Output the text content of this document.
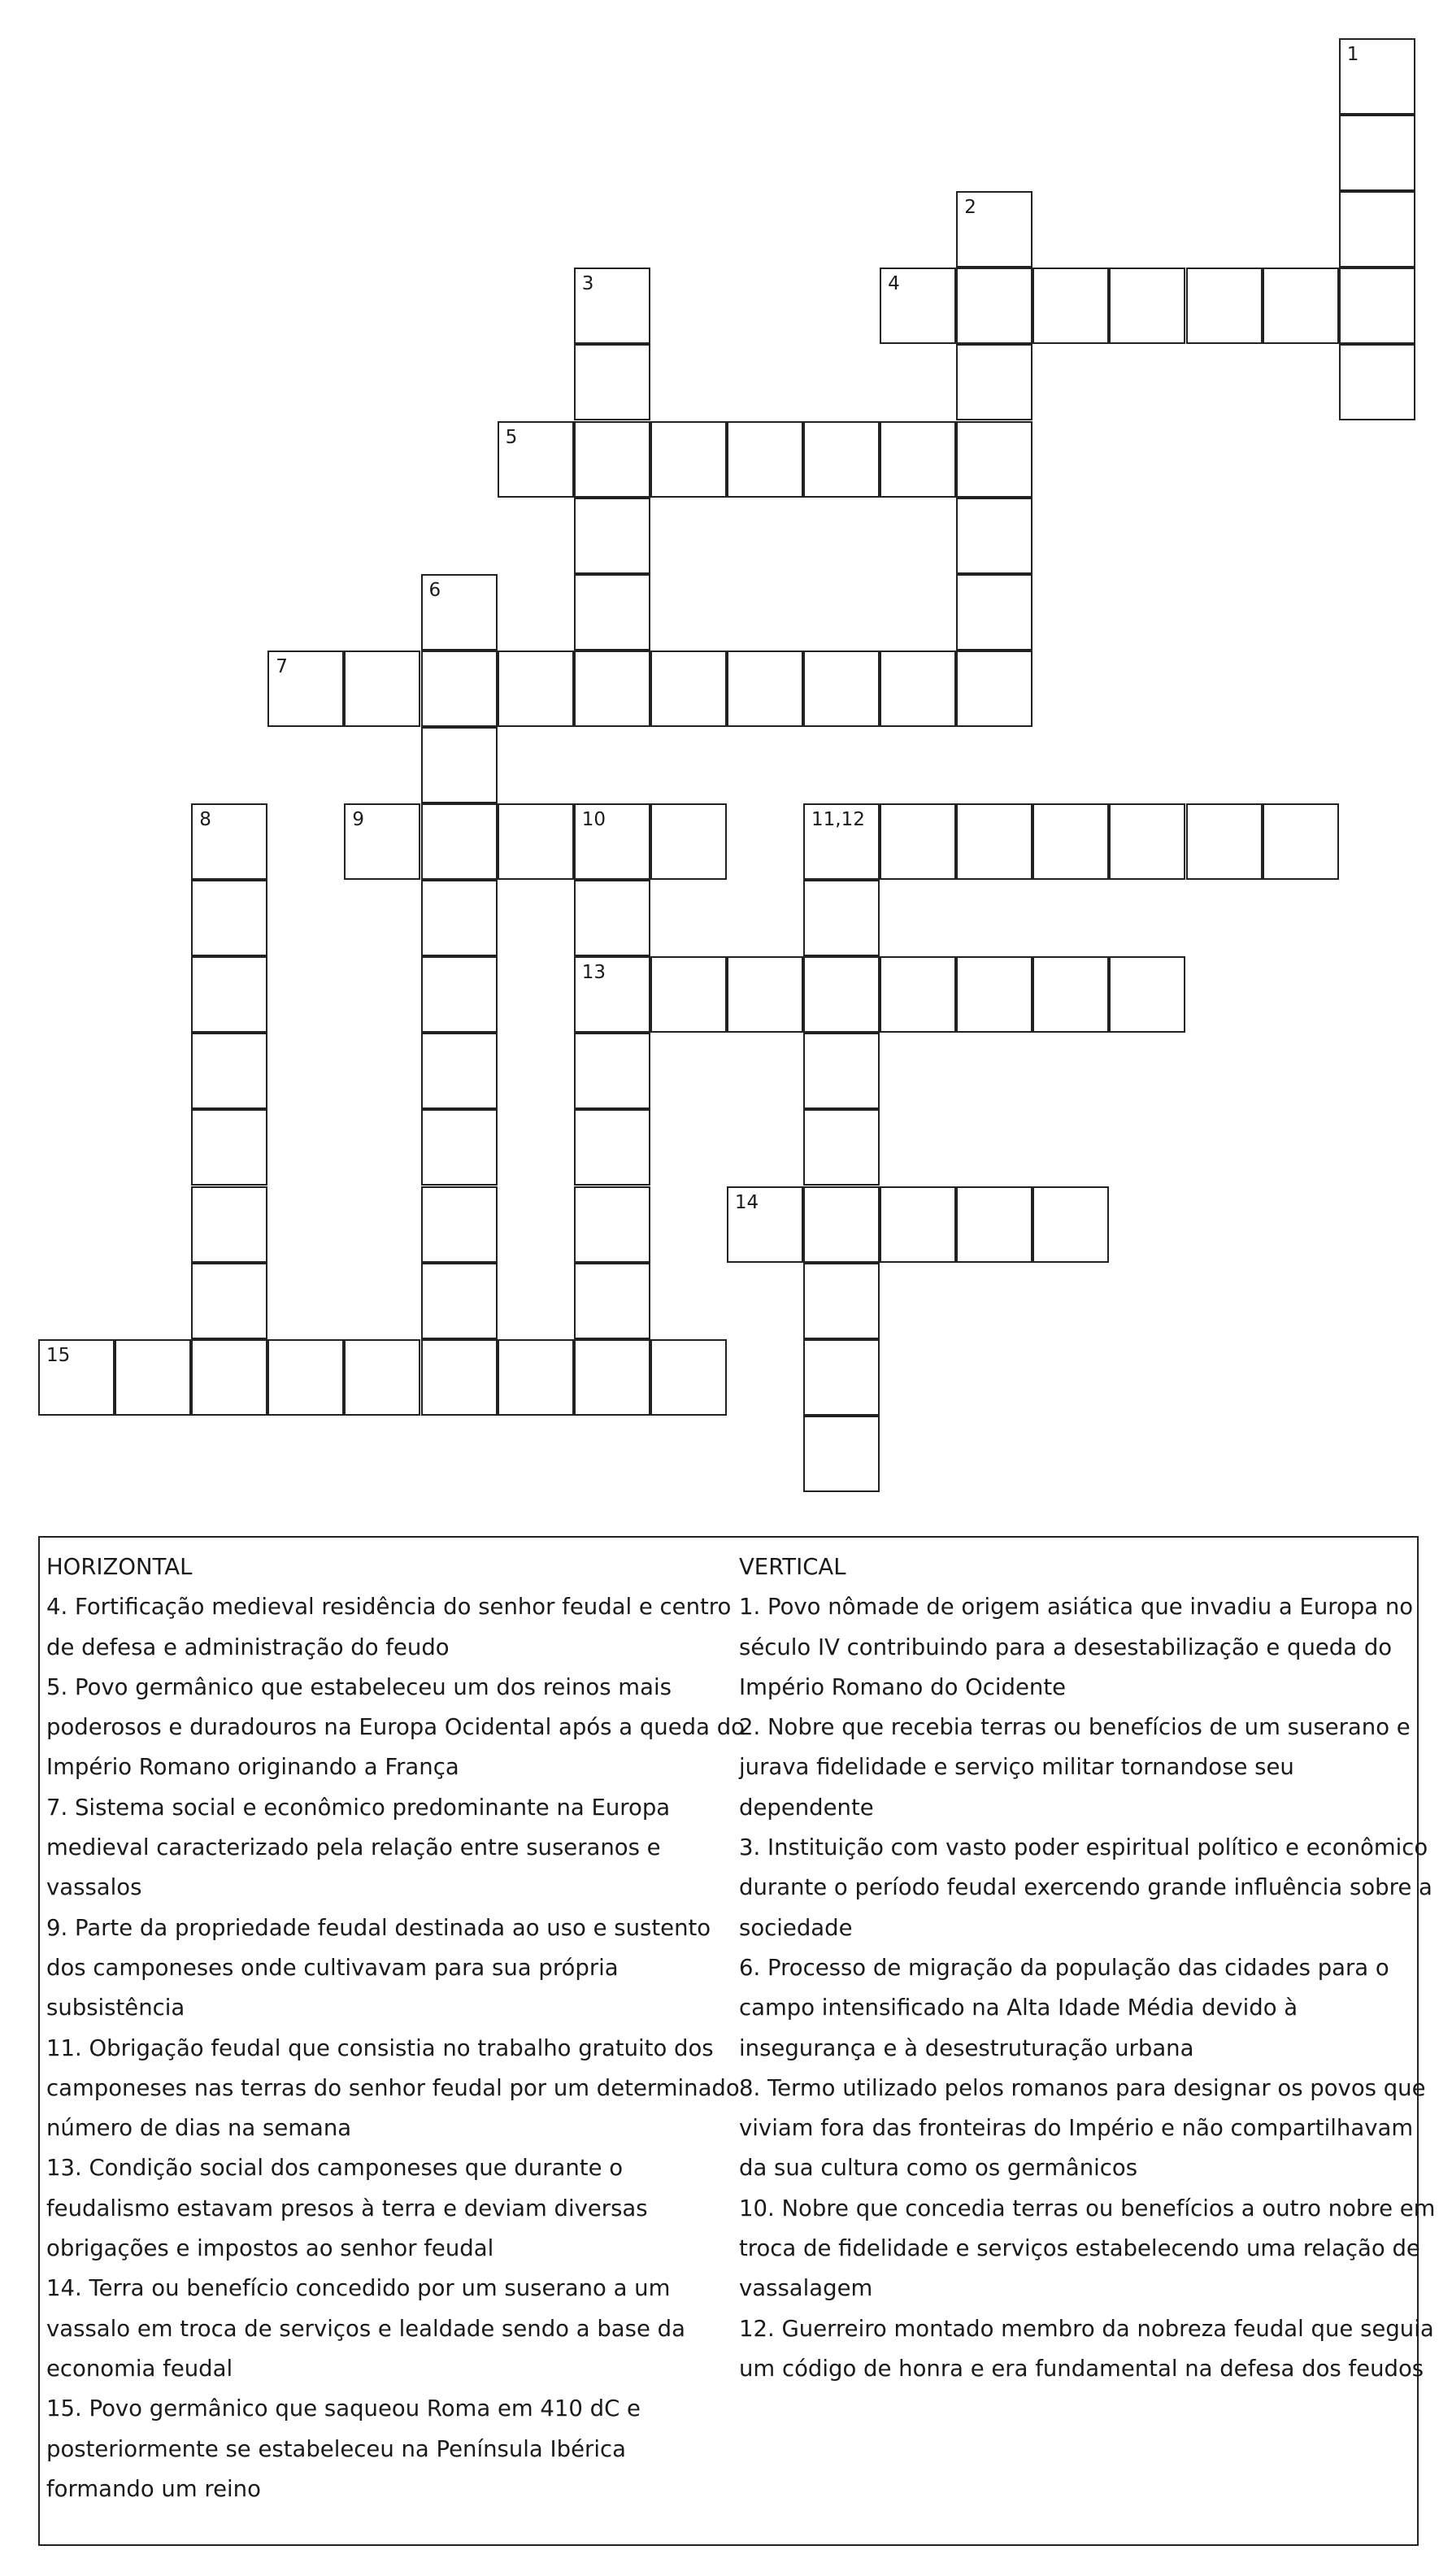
1
2
3	4
5
6
7
8	9	10
13
11,12
14
15
HORIZONTAL
4. Fortificação medieval residência do senhor feudal e centro
de defesa e administração do feudo
5. Povo germânico que estabeleceu um dos reinos mais
poderosos e duradouros na Europa Ocidental após a queda do
Império Romano originando a França
7. Sistema social e econômico predominante na Europa
medieval caracterizado pela relação entre suseranos e
vassalos
9. Parte da propriedade feudal destinada ao uso e sustento
dos camponeses onde cultivavam para sua própria
subsistência
11. Obrigação feudal que consistia no trabalho gratuito dos
camponeses nas terras do senhor feudal por um determinado
número de dias na semana
13. Condição social dos camponeses que durante o
feudalismo estavam presos à terra e deviam diversas
obrigações e impostos ao senhor feudal
14. Terra ou benefício concedido por um suserano a um
vassalo em troca de serviços e lealdade sendo a base da
economia feudal
15. Povo germânico que saqueou Roma em 410 dC e
posteriormente se estabeleceu na Península Ibérica
formando um reino
VERTICAL
1. Povo nômade de origem asiática que invadiu a Europa no
século IV contribuindo para a desestabilização e queda do
Império Romano do Ocidente
2. Nobre que recebia terras ou benefícios de um suserano e
jurava fidelidade e serviço militar tornandose seu
dependente
3. Instituição com vasto poder espiritual político e econômico
durante o período feudal exercendo grande influência sobre a
sociedade
6. Processo de migração da população das cidades para o
campo intensificado na Alta Idade Média devido à
insegurança e à desestruturação urbana
8. Termo utilizado pelos romanos para designar os povos que
viviam fora das fronteiras do Império e não compartilhavam
da sua cultura como os germânicos
10. Nobre que concedia terras ou benefícios a outro nobre em
troca de fidelidade e serviços estabelecendo uma relação de
vassalagem
12. Guerreiro montado membro da nobreza feudal que seguia
um código de honra e era fundamental na defesa dos feudos
